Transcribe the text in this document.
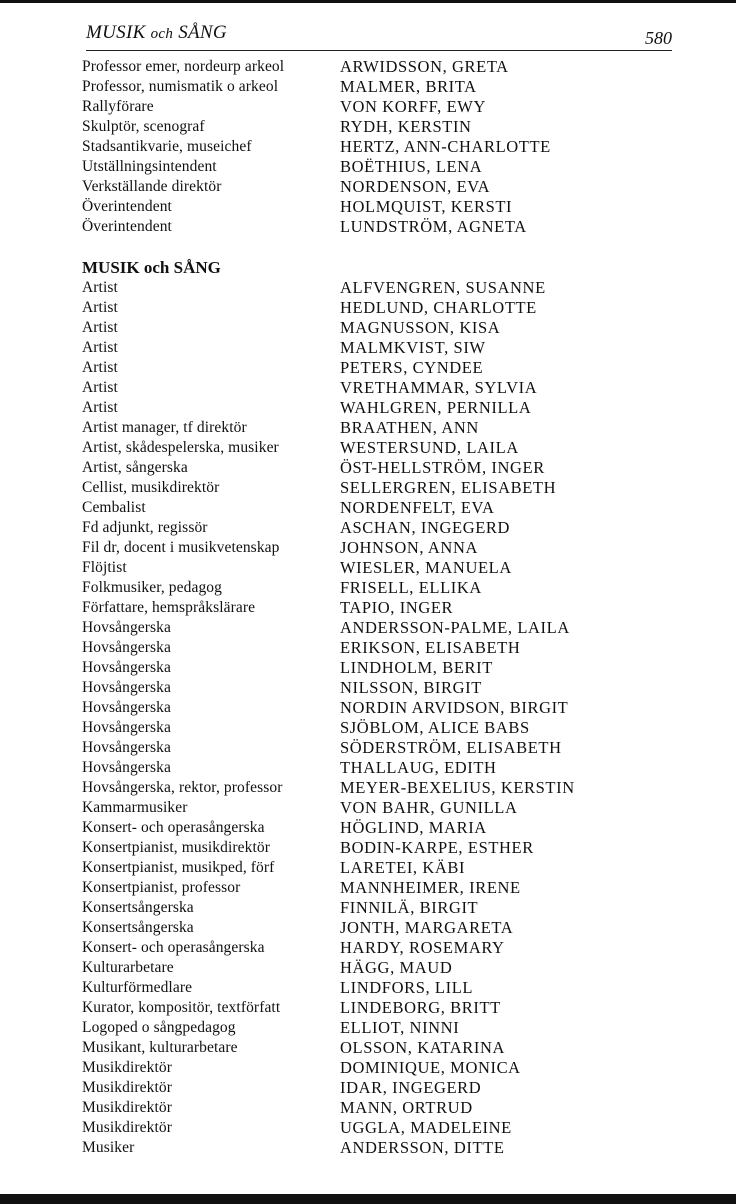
MUSIK och SÅNG	580
Professor emer, nordeurp arkeol	ARWIDSSON, GRETA
Professor, numismatik o arkeol	MALMER, BRITA
Rallyförare	VON KORFF, EWY
Skulptör, scenograf	RYDH, KERSTIN
Stadsantikvarie, museichef	HERTZ, ANN-CHARLOTTE
Utställningsintendent	BOËTHIUS, LENA
Verkställande direktör	NORDENSON, EVA
Överintendent	HOLMQUIST, KERSTI
Överintendent	LUNDSTRÖM, AGNETA
MUSIK och SÅNG
Artist	ALFVENGREN, SUSANNE
Artist	HEDLUND, CHARLOTTE
Artist	MAGNUSSON, KISA
Artist	MALMKVIST, SIW
Artist	PETERS, CYNDEE
Artist	VRETHAMMAR, SYLVIA
Artist	WAHLGREN, PERNILLA
Artist manager, tf direktör	BRAATHEN, ANN
Artist, skådespelerska, musiker	WESTERSUND, LAILA
Artist, sångerska	ÖST-HELLSTRÖM, INGER
Cellist, musikdirektör	SELLERGREN, ELISABETH
Cembalist	NORDENFELT, EVA
Fd adjunkt, regissör	ASCHAN, INGEGERD
Fil dr, docent i musikvetenskap	JOHNSON, ANNA
Flöjtist	WIESLER, MANUELA
Folkmusiker, pedagog	FRISELL, ELLIKA
Författare, hemspråkslärare	TAPIO, INGER
Hovsångerska	ANDERSSON-PALME, LAILA
Hovsångerska	ERIKSON, ELISABETH
Hovsångerska	LINDHOLM, BERIT
Hovsångerska	NILSSON, BIRGIT
Hovsångerska	NORDIN ARVIDSON, BIRGIT
Hovsångerska	SJÖBLOM, ALICE BABS
Hovsångerska	SÖDERSTRÖM, ELISABETH
Hovsångerska	THALLAUG, EDITH
Hovsångerska, rektor, professor	MEYER-BEXELIUS, KERSTIN
Kammarmusiker	VON BAHR, GUNILLA
Konsert- och operasångerska	HÖGLIND, MARIA
Konsertpianist, musikdirektör	BODIN-KARPE, ESTHER
Konsertpianist, musikped, förf	LARETEI, KÄBI
Konsertpianist, professor	MANNHEIMER, IRENE
Konsertsångerska	FINNILÄ, BIRGIT
Konsertsångerska	JONTH, MARGARETA
Konsert- och operasångerska	HARDY, ROSEMARY
Kulturarbetare	HÄGG, MAUD
Kulturförmedlare	LINDFORS, LILL
Kurator, kompositör, textförfatt	LINDEBORG, BRITT
Logoped o sångpedagog	ELLIOT, NINNI
Musikant, kulturarbetare	OLSSON, KATARINA
Musikdirektör	DOMINIQUE, MONICA
Musikdirektör	IDAR, INGEGERD
Musikdirektör	MANN, ORTRUD
Musikdirektör	UGGLA, MADELEINE
Musiker	ANDERSSON, DITTE
